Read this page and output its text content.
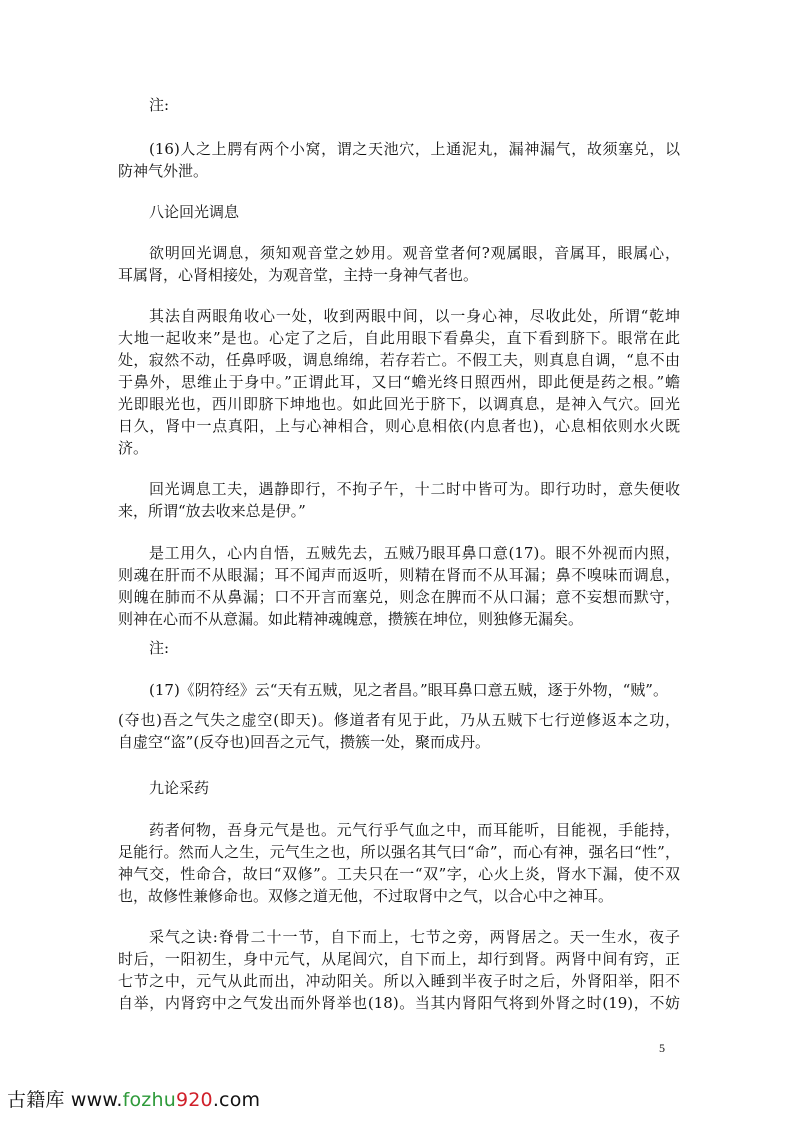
注:
(16)人之上腭有两个小窝，谓之天池穴，上通泥丸，漏神漏气，故须塞兑，以
防神气外泄。
八论回光调息
欲明回光调息，须知观音堂之妙用。观音堂者何?观属眼，音属耳，眼属心，
耳属肾，心肾相接处，为观音堂，主持一身神气者也。
其法自两眼角收心一处，收到两眼中间，以一身心神，尽收此处，所谓“乾坤
大地一起收来”是也。心定了之后，自此用眼下看鼻尖，直下看到脐下。眼常在此
处，寂然不动，任鼻呼吸，调息绵绵，若存若亡。不假工夫，则真息自调，“息不由
于鼻外，思维止于身中。”正谓此耳，又曰“蟾光终日照西州，即此便是药之根。”蟾
光即眼光也，西川即脐下坤地也。如此回光于脐下，以调真息，是神入气穴。回光
日久，肾中一点真阳，上与心神相合，则心息相依(内息者也)，心息相依则水火既
济。
回光调息工夫，遇静即行，不拘子午，十二时中皆可为。即行功时，意失便收
来，所谓“放去收来总是伊。”
是工用久，心内自悟，五贼先去，五贼乃眼耳鼻口意(17)。眼不外视而内照，
则魂在肝而不从眼漏；耳不闻声而返听，则精在肾而不从耳漏；鼻不嗅味而调息，
则魄在肺而不从鼻漏；口不开言而塞兑，则念在脾而不从口漏；意不妄想而默守，
则神在心而不从意漏。如此精神魂魄意，攒簇在坤位，则独修无漏矣。
注:
(17)《阴符经》云“天有五贼，见之者昌。”眼耳鼻口意五贼，逐于外物，“贼”。
(夺也)吾之气失之虚空(即天)。修道者有见于此，乃从五贼下七行逆修返本之功，
自虚空“盗”(反夺也)回吾之元气，攒簇一处，聚而成丹。
九论采药
药者何物，吾身元气是也。元气行乎气血之中，而耳能听，目能视，手能持，
足能行。然而人之生，元气生之也，所以强名其气曰“命”，而心有神，强名曰“性”，
神气交，性命合，故曰“双修”。工夫只在一“双”字，心火上炎，肾水下漏，使不双
也，故修性兼修命也。双修之道无他，不过取肾中之气，以合心中之神耳。
采气之诀:脊骨二十一节，自下而上，七节之旁，两肾居之。天一生水，夜子
时后，一阳初生，身中元气，从尾闾穴，自下而上，却行到肾。两肾中间有窍，正
七节之中，元气从此而出，冲动阳关。所以入睡到半夜子时之后，外肾阳举，阳不
自举，内肾窍中之气发出而外肾举也(18)。当其内肾阳气将到外肾之时(19)，不妨
5
古籍库 www.fozhu920.com
